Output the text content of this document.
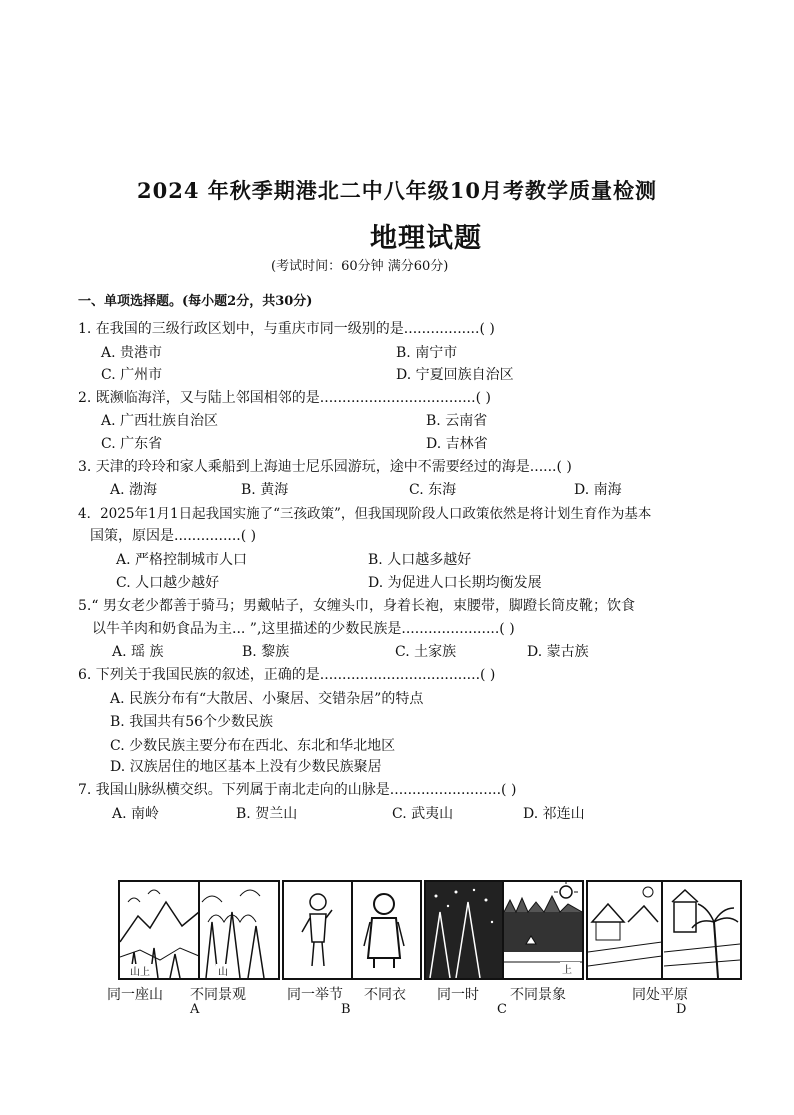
2024 年秋季期港北二中八年级10月考教学质量检测
地理试题
(考试时间：60分钟 满分60分)
一、单项选择题。(每小题2分，共30分)
1. 在我国的三级行政区划中，与重庆市同一级别的是.................( )
A. 贵港市	B. 南宁市
C. 广州市	D. 宁夏回族自治区
2. 既濒临海洋，又与陆上邻国相邻的是...................................( )
A. 广西壮族自治区	B. 云南省
C. 广东省	D. 吉林省
3. 天津的玲玲和家人乘船到上海迪士尼乐园游玩，途中不需要经过的海是......( )
A. 渤海	B. 黄海	C. 东海	D. 南海
4．2025年1月1日起我国实施了“三孩政策”，但我国现阶段人口政策依然是将计划生育作为基本
国策，原因是...............( )
A. 严格控制城市人口	B. 人口越多越好
C. 人口越少越好	D. 为促进人口长期均衡发展
5.“ 男女老少都善于骑马；男戴帖子，女缠头巾，身着长袍，束腰带，脚蹬长筒皮靴；饮食
以牛羊肉和奶食品为主... ”,这里描述的少数民族是......................( )
A. 瑶 族	B. 黎族	C. 土家族	D. 蒙古族
6. 下列关于我国民族的叙述，正确的是....................................( )
A. 民族分布有“大散居、小聚居、交错杂居”的特点
B. 我国共有56个少数民族
C. 少数民族主要分布在西北、东北和华北地区
D. 汉族居住的地区基本上没有少数民族聚居
7. 我国山脉纵横交织。下列属于南北走向的山脉是.........................( )
A. 南岭	B. 贺兰山	C. 武夷山	D. 祁连山
山上	山	上
同一座山 不同景观	同一举节 不同衣 同一时 不同景象	同处平原
A	B	C	D
